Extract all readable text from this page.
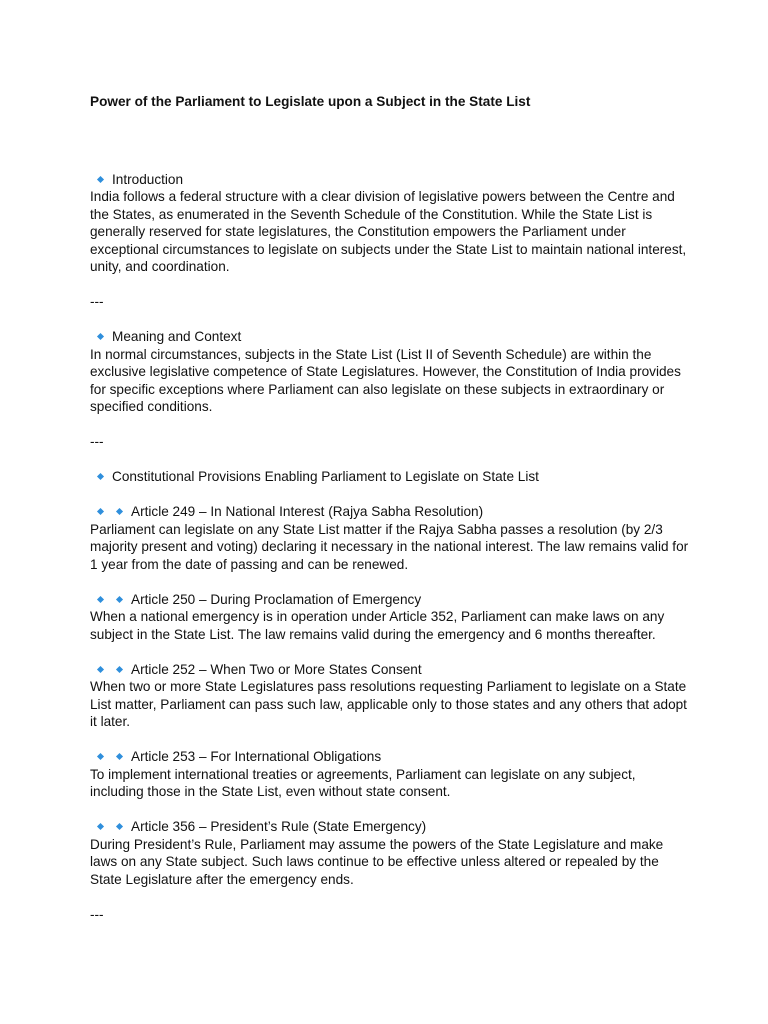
Power of the Parliament to Legislate upon a Subject in the State List
Introduction

India follows a federal structure with a clear division of legislative powers between the Centre and the States, as enumerated in the Seventh Schedule of the Constitution. While the State List is generally reserved for state legislatures, the Constitution empowers the Parliament under exceptional circumstances to legislate on subjects under the State List to maintain national interest, unity, and coordination.

---

Meaning and Context

In normal circumstances, subjects in the State List (List II of Seventh Schedule) are within the exclusive legislative competence of State Legislatures. However, the Constitution of India provides for specific exceptions where Parliament can also legislate on these subjects in extraordinary or specified conditions.

---

Constitutional Provisions Enabling Parliament to Legislate on State List
Article 249 – In National Interest (Rajya Sabha Resolution)

Parliament can legislate on any State List matter if the Rajya Sabha passes a resolution (by 2/3 majority present and voting) declaring it necessary in the national interest. The law remains valid for 1 year from the date of passing and can be renewed.

Article 250 – During Proclamation of Emergency

When a national emergency is in operation under Article 352, Parliament can make laws on any subject in the State List. The law remains valid during the emergency and 6 months thereafter.

Article 252 – When Two or More States Consent

When two or more State Legislatures pass resolutions requesting Parliament to legislate on a State List matter, Parliament can pass such law, applicable only to those states and any others that adopt it later.

Article 253 – For International Obligations

To implement international treaties or agreements, Parliament can legislate on any subject, including those in the State List, even without state consent.

Article 356 – President’s Rule (State Emergency)

During President’s Rule, Parliament may assume the powers of the State Legislature and make laws on any State subject. Such laws continue to be effective unless altered or repealed by the State Legislature after the emergency ends.

---
